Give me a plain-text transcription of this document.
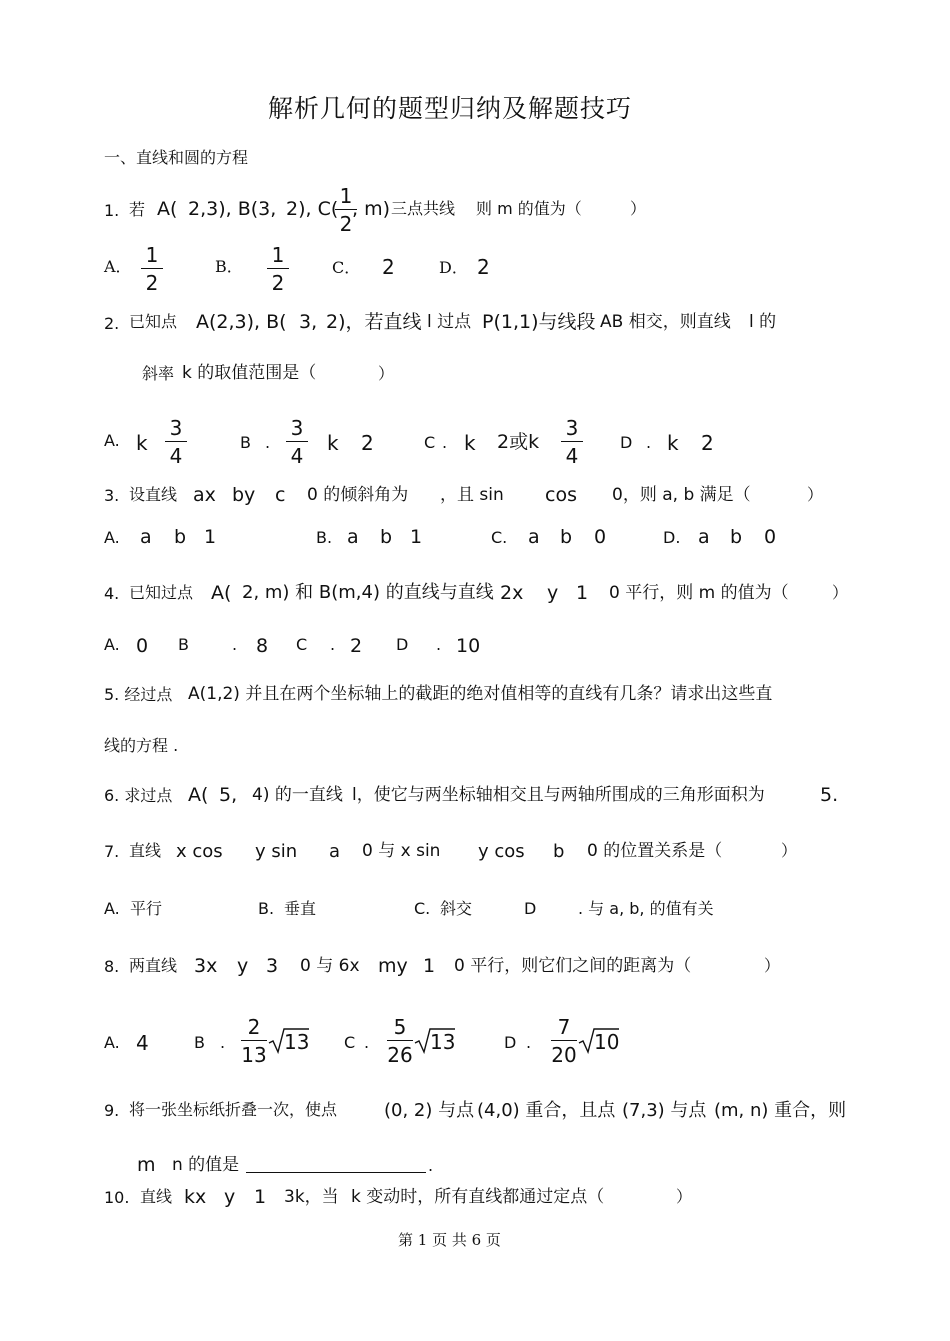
解析几何的题型归纳及解题技巧
一、直线和圆的方程
1. 若 A( 2,3), B(3, 2), C(
1
2
, m) 三点共线 则 m 的值为（	）
A． 1
2
B． 1
2
C． 2	D． 2
2. 已知点 A(2,3), B( 3, 2)，若直线 l 过点 P(1,1)与线段 AB 相交，则直线 l 的
斜率 k 的取值范围是（	）
A. k
3
4
B .
3
4
k 2	C . k 2或k
3
4
D . k 2
3. 设直线 ax by c 0 的倾斜角为 ，且 sin cos 0，则 a, b 满足（	）
A. a b 1	B. a b 1	C. a b 0	D. a b 0
4. 已知过点 A( 2, m) 和 B(m,4) 的直线与直线 2x y 1 0 平行，则 m 的值为（	）
A. 0 B	. 8 C . 2 D . 10
5. 经过点 A(1,2) 并且在两个坐标轴上的截距的绝对值相等的直线有几条？请求出这些直
线的方程 .
6. 求过点 A( 5, 4) 的一直线 l，使它与两坐标轴相交且与两轴所围成的三角形面积为	5.
7. 直线 x cos y sin a 0 与 x sin y cos b 0 的位置关系是（	）
A. 平行	B. 垂直	C. 斜交	D	. 与 a, b, 的值有关
8. 两直线 3x y 3 0 与 6x my 1 0 平行，则它们之间的距离为（	）
A. 4	B .
2
13
13 C .
5
26
13	D .
7
20
10
9. 将一张坐标纸折叠一次，使点	(0, 2) 与点 (4,0) 重合，且点 (7,3) 与点 (m, n) 重合，则
m n 的值是	.
10. 直线 kx y 1 3k，当 k 变动时，所有直线都通过定点（	）
第 1 页 共 6 页
